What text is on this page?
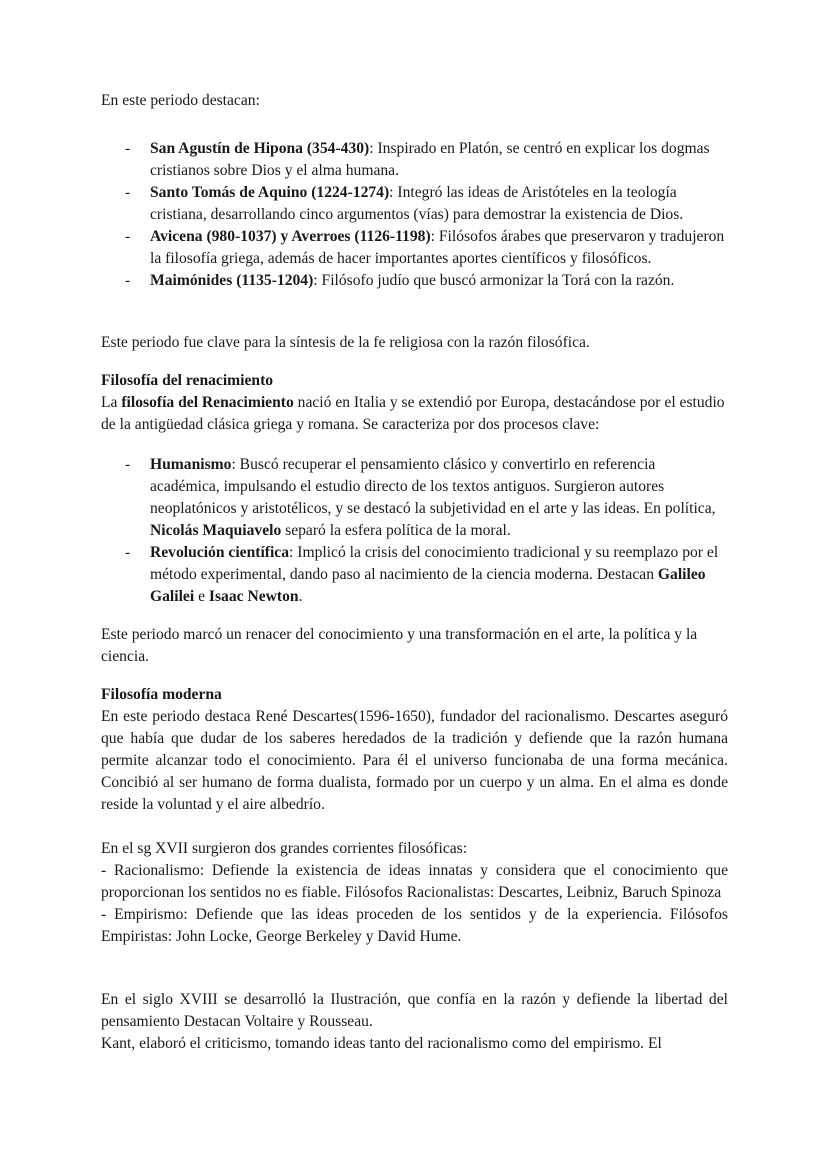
En este periodo destacan:

- San Agustín de Hipona (354-430): Inspirado en Platón, se centró en explicar los dogmas cristianos sobre Dios y el alma humana.
- Santo Tomás de Aquino (1224-1274): Integró las ideas de Aristóteles en la teología cristiana, desarrollando cinco argumentos (vías) para demostrar la existencia de Dios.
- Avicena (980-1037) y Averroes (1126-1198): Filósofos árabes que preservaron y tradujeron la filosofía griega, además de hacer importantes aportes científicos y filosóficos.
- Maimónides (1135-1204): Filósofo judío que buscó armonizar la Torá con la razón.

Este periodo fue clave para la síntesis de la fe religiosa con la razón filosófica.

Filosofía del renacimiento
La filosofía del Renacimiento nació en Italia y se extendió por Europa, destacándose por el estudio de la antigüedad clásica griega y romana. Se caracteriza por dos procesos clave:
- Humanismo: Buscó recuperar el pensamiento clásico y convertirlo en referencia académica, impulsando el estudio directo de los textos antiguos. Surgieron autores neoplatónicos y aristotélicos, y se destacó la subjetividad en el arte y las ideas. En política, Nicolás Maquiavelo separó la esfera política de la moral.
- Revolución científica: Implicó la crisis del conocimiento tradicional y su reemplazo por el método experimental, dando paso al nacimiento de la ciencia moderna. Destacan Galileo Galilei e Isaac Newton.

Este periodo marcó un renacer del conocimiento y una transformación en el arte, la política y la ciencia.

Filosofía moderna
En este periodo destaca René Descartes(1596-1650), fundador del racionalismo. Descartes aseguró que había que dudar de los saberes heredados de la tradición y defiende que la razón humana permite alcanzar todo el conocimiento. Para él el universo funcionaba de una forma mecánica. Concibió al ser humano de forma dualista, formado por un cuerpo y un alma. En el alma es donde reside la voluntad y el aire albedrío.
En el sg XVII surgieron dos grandes corrientes filosóficas:
- Racionalismo: Defiende la existencia de ideas innatas y considera que el conocimiento que proporcionan los sentidos no es fiable. Filósofos Racionalistas: Descartes, Leibniz, Baruch Spinoza
- Empirismo: Defiende que las ideas proceden de los sentidos y de la experiencia. Filósofos Empiristas: John Locke, George Berkeley y David Hume.
En el siglo XVIII se desarrolló la Ilustración, que confía en la razón y defiende la libertad del pensamiento Destacan Voltaire y Rousseau.
Kant, elaboró el criticismo, tomando ideas tanto del racionalismo como del empirismo. El
